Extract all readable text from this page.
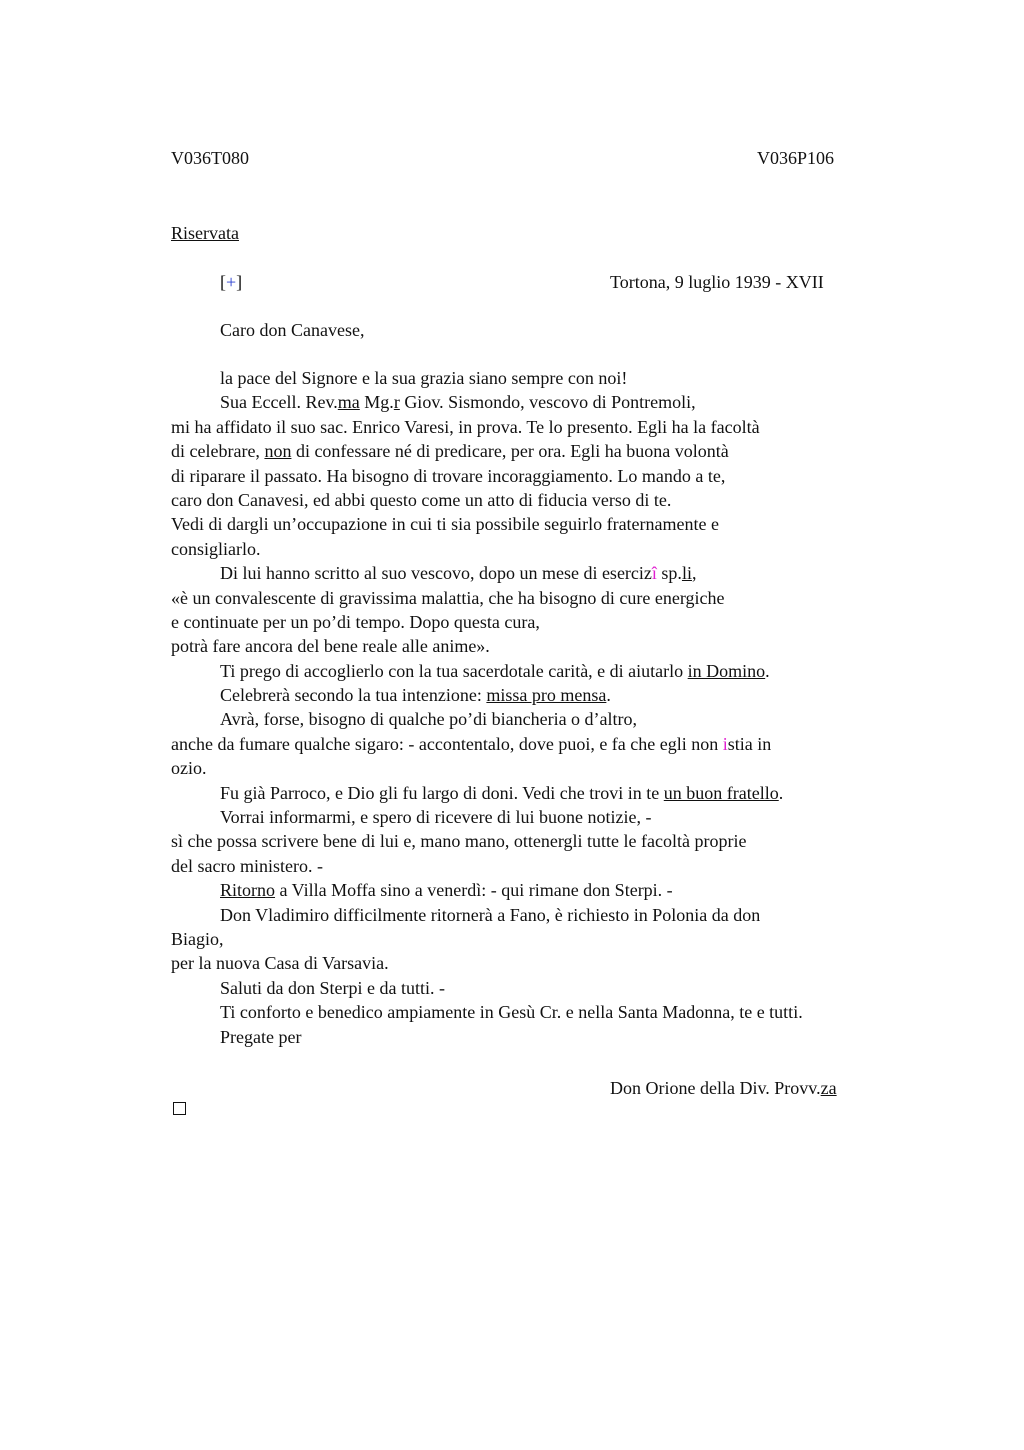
V036T080	V036P106
Riservata
[+]	Tortona, 9 luglio 1939 - XVII
Caro don Canavese,
la pace del Signore e la sua grazia siano sempre con noi!
Sua Eccell. Rev.ma Mg.r Giov. Sismondo, vescovo di Pontremoli,
mi ha affidato il suo sac. Enrico Varesi, in prova. Te lo presento. Egli ha la facoltà
di celebrare, non di confessare né di predicare, per ora. Egli ha buona volontà
di riparare il passato. Ha bisogno di trovare incoraggiamento. Lo mando a te,
caro don Canavesi, ed abbi questo come un atto di fiducia verso di te.
Vedi di dargli un’occupazione in cui ti sia possibile seguirlo fraternamente e
consigliarlo.
Di lui hanno scritto al suo vescovo, dopo un mese di esercizî sp.li,
«è un convalescente di gravissima malattia, che ha bisogno di cure energiche
e continuate per un po’di tempo. Dopo questa cura,
potrà fare ancora del bene reale alle anime».
Ti prego di accoglierlo con la tua sacerdotale carità, e di aiutarlo in Domino.
Celebrerà secondo la tua intenzione: missa pro mensa.
Avrà, forse, bisogno di qualche po’di biancheria o d’altro,
anche da fumare qualche sigaro: - accontentalo, dove puoi, e fa che egli non istia in
ozio.
Fu già Parroco, e Dio gli fu largo di doni. Vedi che trovi in te un buon fratello.
Vorrai informarmi, e spero di ricevere di lui buone notizie, -
sì che possa scrivere bene di lui e, mano mano, ottenergli tutte le facoltà proprie
del sacro ministero. -
Ritorno a Villa Moffa sino a venerdì: - qui rimane don Sterpi. -
Don Vladimiro difficilmente ritornerà a Fano, è richiesto in Polonia da don
Biagio,
per la nuova Casa di Varsavia.
Saluti da don Sterpi e da tutti. -
Ti conforto e benedico ampiamente in Gesù Cr. e nella Santa Madonna, te e tutti.
Pregate per
Don Orione della Div. Provv.za
